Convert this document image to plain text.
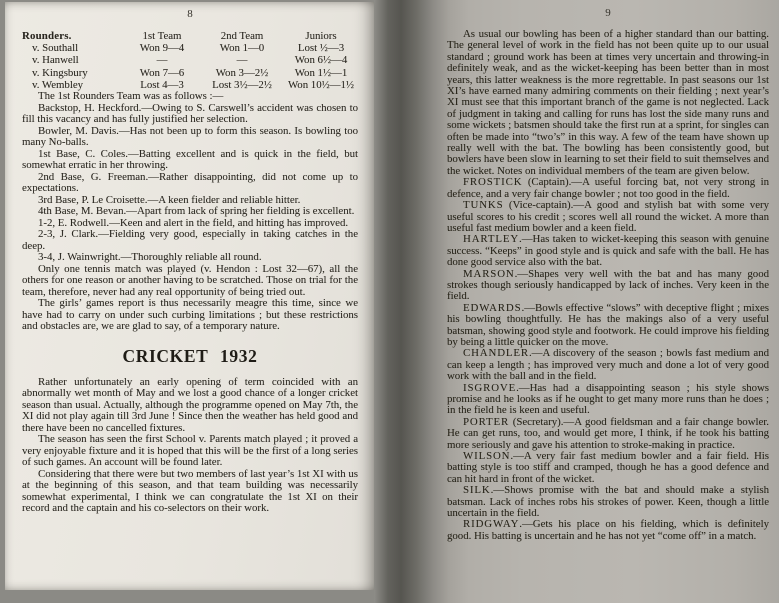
8
Rounders.	1st Team	2nd Team	Juniors
v. Southall	Won 9—4	Won 1—0	Lost ½—3
v. Hanwell	—	—	Won 6½—4
v. Kingsbury	Won 7—6	Won 3—2½	Won 1½—1
v. Wembley	Lost 4—3	Lost 3½—2½	Won 10½—1½

The 1st Rounders Team was as follows :—

Backstop, H. Heckford.—Owing to S. Carswell’s accident was chosen to fill this vacancy and has fully justified her selection.

Bowler, M. Davis.—Has not been up to form this season. Is bowling too many No-balls.

1st Base, C. Coles.—Batting excellent and is quick in the field, but somewhat erratic in her throwing.

2nd Base, G. Freeman.—Rather disappointing, did not come up to expectations.

3rd Base, P. Le Croisette.—A keen fielder and reliable hitter.

4th Base, M. Bevan.—Apart from lack of spring her fielding is excellent.

1-2, E. Rodwell.—Keen and alert in the field, and hitting has improved.

2-3, J. Clark.—Fielding very good, especially in taking catches in the deep.

3-4, J. Wainwright.—Thoroughly reliable all round.

Only one tennis match was played (v. Hendon : Lost 32—67), all the others for one reason or another having to be scratched. Those on trial for the team, therefore, never had any real opportunity of being tried out.

The girls’ games report is thus necessarily meagre this time, since we have had to carry on under such curbing limitations ; but these restrictions and obstacles are, we are glad to say, of a temporary nature.

CRICKET 1932

Rather unfortunately an early opening of term coincided with an abnormally wet month of May and we lost a good chance of a longer cricket season than usual. Actually, although the programme opened on May 7th, the XI did not play again till 3rd June ! Since then the weather has held good and there have been no cancelled fixtures.

The season has seen the first School v. Parents match played ; it proved a very enjoyable fixture and it is hoped that this will be the first of a long series of such games. An account will be found later.

Considering that there were but two members of last year’s 1st XI with us at the beginning of this season, and that team building was necessarily somewhat experimental, I think we can congratulate the 1st XI on their record and the captain and his co-selectors on their work.

9

As usual our bowling has been of a higher standard than our batting. The general level of work in the field has not been quite up to our usual standard ; ground work has been at times very uncertain and throwing-in definitely weak, and as the wicket-keeping has been better than in most years, this latter weakness is the more regrettable. In past seasons our 1st XI’s have earned many admiring comments on their fielding ; next year’s XI must see that this important branch of the game is not neglected. Lack of judgment in taking and calling for runs has lost the side many runs and some wickets ; batsmen should take the first run at a sprint, for singles can often be made into “two’s” in this way. A few of the team have shown up really well with the bat. The bowling has been consistently good, but bowlers have been slow in learning to set their field to suit themselves and the wicket. Notes on individual members of the team are given below.

FROSTICK (Captain).—A useful forcing bat, not very strong in defence, and a very fair change bowler ; not too good in the field.

TUNKS (Vice-captain).—A good and stylish bat with some very useful scores to his credit ; scores well all round the wicket. A more than useful fast medium bowler and a keen field.

HARTLEY.—Has taken to wicket-keeping this season with genuine success. “Keeps” in good style and is quick and safe with the ball. He has done good service also with the bat.

MARSON.—Shapes very well with the bat and has many good strokes though seriously handicapped by lack of inches. Very keen in the field.

EDWARDS.—Bowls effective “slows” with deceptive flight ; mixes his bowling thoughtfully. He has the makings also of a very useful batsman, showing good style and footwork. He could improve his fielding by being a little quicker on the move.

CHANDLER.—A discovery of the season ; bowls fast medium and can keep a length ; has improved very much and done a lot of very good work with the ball and in the field.

ISGROVE.—Has had a disappointing season ; his style shows promise and he looks as if he ought to get many more runs than he does ; in the field he is keen and useful.

PORTER (Secretary).—A good fieldsman and a fair change bowler. He can get runs, too, and would get more, I think, if he took his batting more seriously and gave his attention to stroke-making in practice.

WILSON.—A very fair fast medium bowler and a fair field. His batting style is too stiff and cramped, though he has a good defence and can hit hard in front of the wicket.

SILK.—Shows promise with the bat and should make a stylish batsman. Lack of inches robs his strokes of power. Keen, though a little uncertain in the field.

RIDGWAY.—Gets his place on his fielding, which is definitely good. His batting is uncertain and he has not yet “come off” in a match.
